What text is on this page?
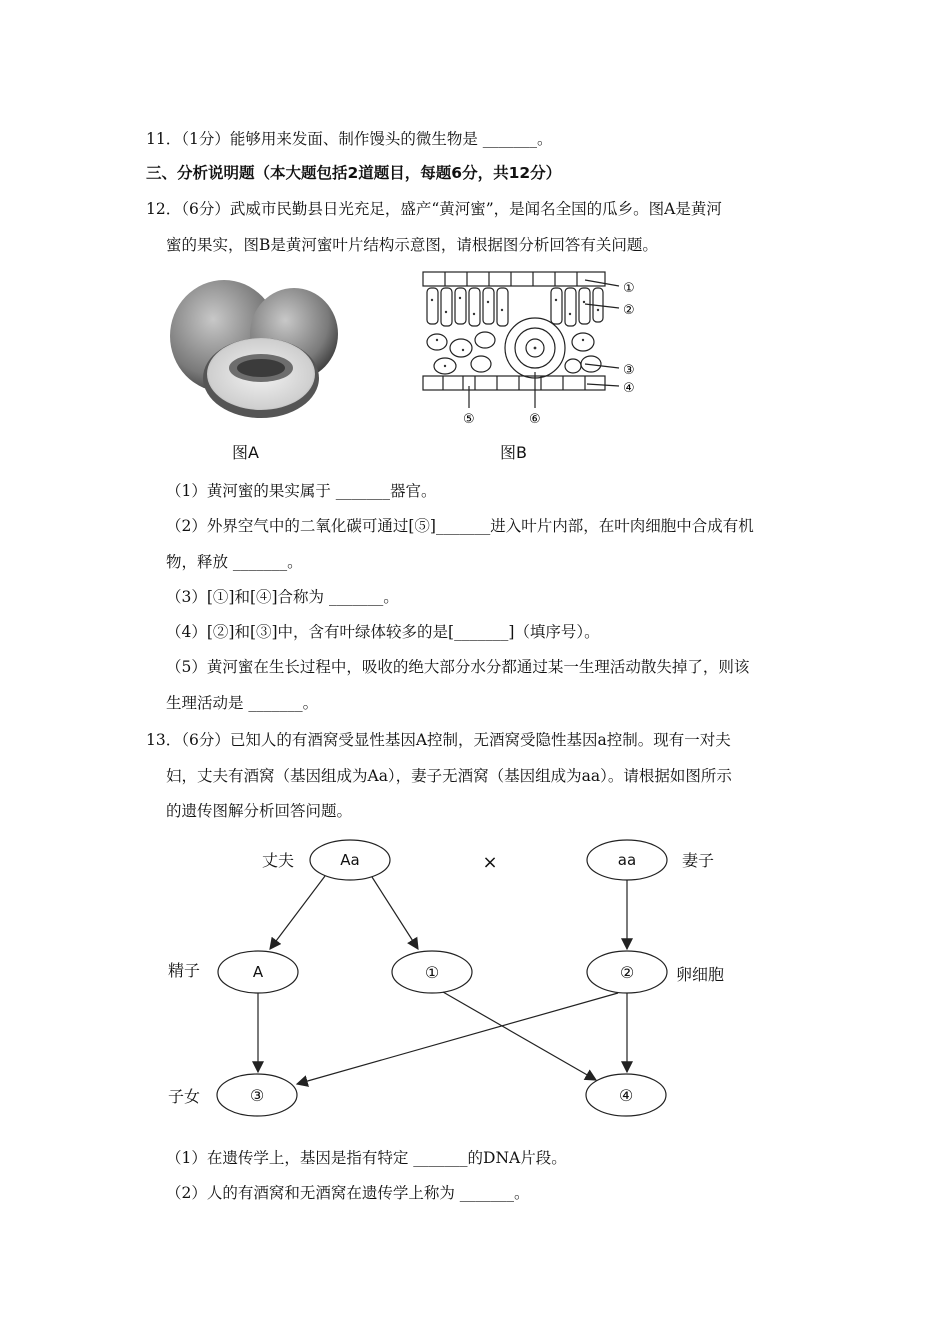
11．（1分）能够用来发面、制作馒头的微生物是 _______。
三、分析说明题（本大题包括2道题目，每题6分，共12分）
12．（6分）武威市民勤县日光充足，盛产“黄河蜜”，是闻名全国的瓜乡。图A是黄河
蜜的果实，图B是黄河蜜叶片结构示意图，请根据图分析回答有关问题。
图A
①
②
③
④
⑤	⑥
图B
（1）黄河蜜的果实属于 _______器官。
（2）外界空气中的二氧化碳可通过[⑤]_______进入叶片内部，在叶肉细胞中合成有机
物，释放 _______。
（3）[①]和[④]合称为 _______。
（4）[②]和[③]中，含有叶绿体较多的是[_______]（填序号）。
（5）黄河蜜在生长过程中，吸收的绝大部分水分都通过某一生理活动散失掉了，则该
生理活动是 _______。
13．（6分）已知人的有酒窝受显性基因A控制，无酒窝受隐性基因a控制。现有一对夫
妇，丈夫有酒窝（基因组成为Aa），妻子无酒窝（基因组成为aa）。请根据如图所示
的遗传图解分析回答问题。
丈夫	Aa	×	aa	妻子
精子	A	①	②	卵细胞
子女	③	④
（1）在遗传学上，基因是指有特定 _______的DNA片段。
（2）人的有酒窝和无酒窝在遗传学上称为 _______。
